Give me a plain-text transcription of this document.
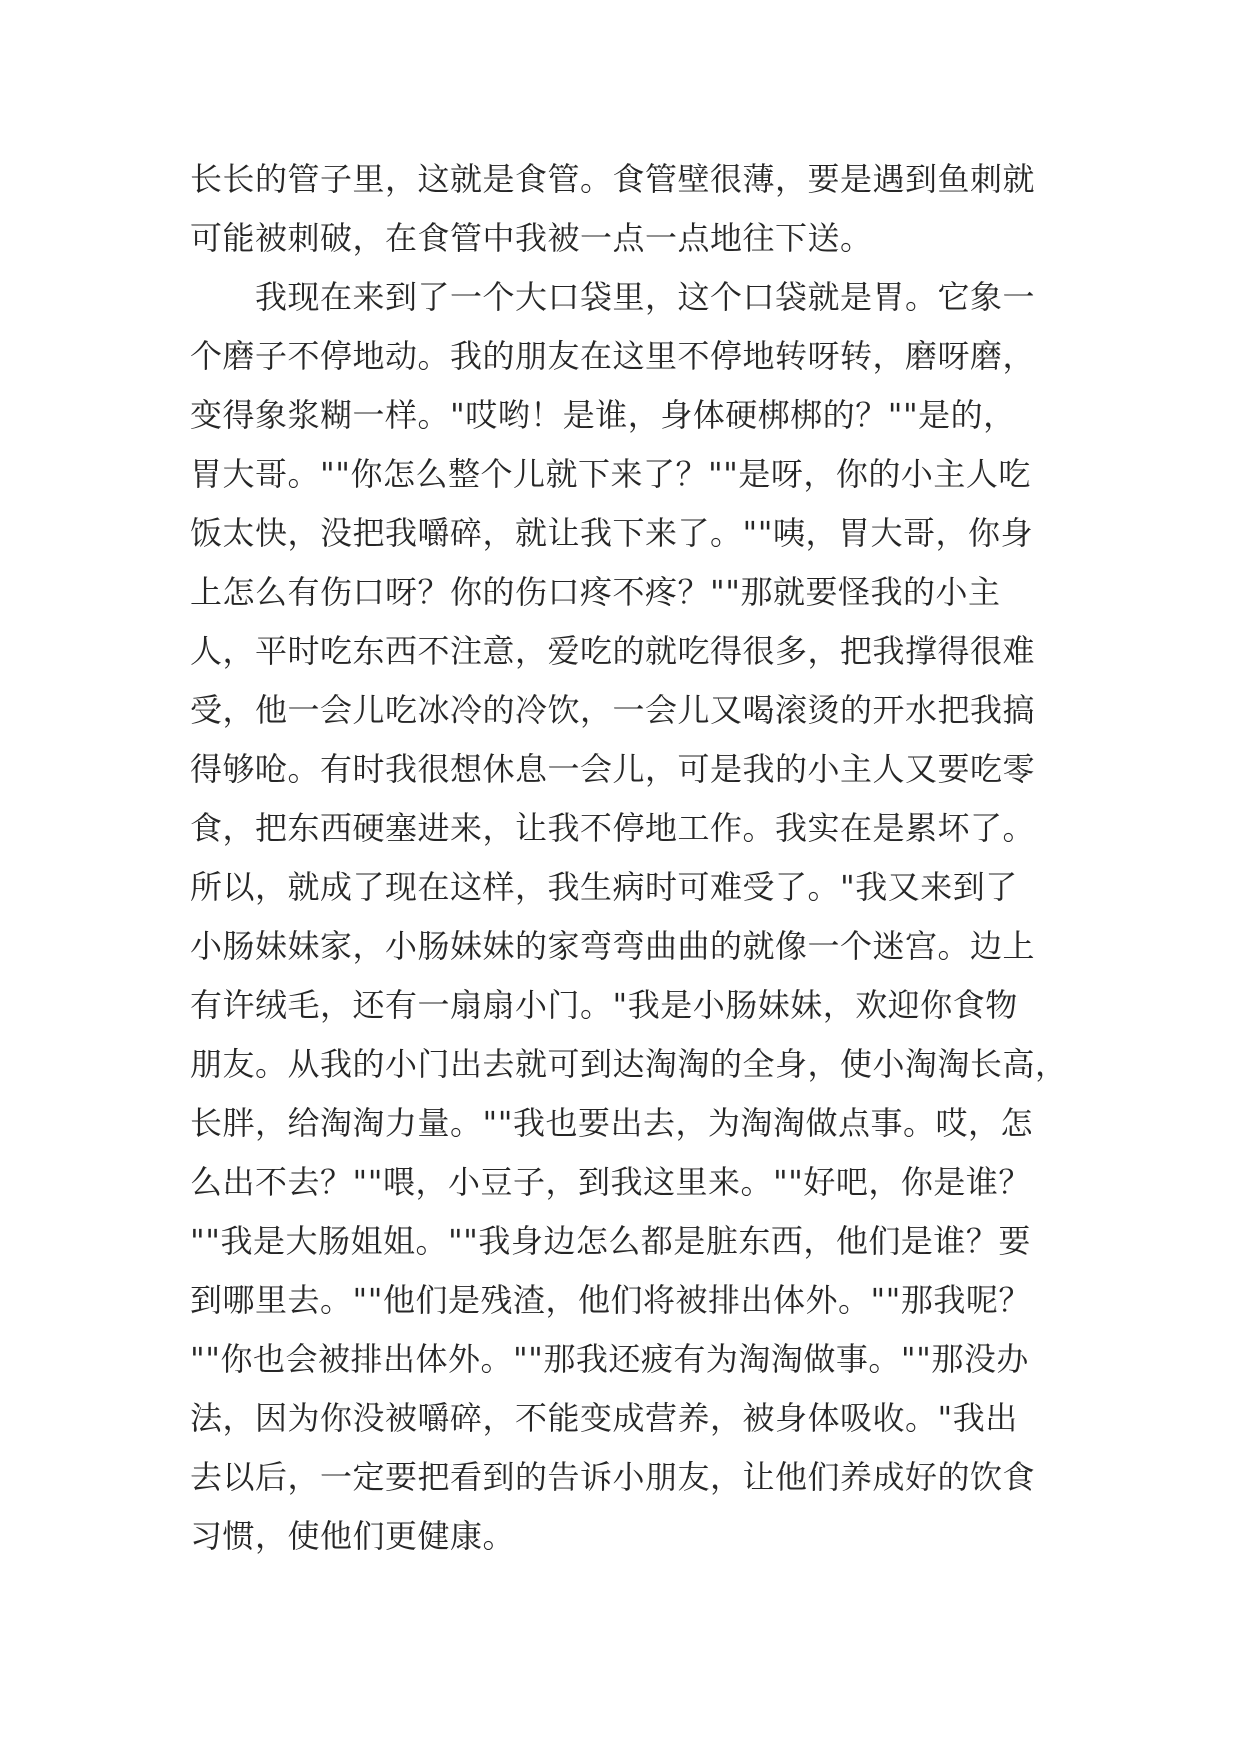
长长的管子里，这就是食管。食管壁很薄，要是遇到鱼刺就
可能被刺破，在食管中我被一点一点地往下送。
　　我现在来到了一个大口袋里，这个口袋就是胃。它象一
个磨子不停地动。我的朋友在这里不停地转呀转，磨呀磨，
变得象浆糊一样。"哎哟！是谁，身体硬梆梆的？""是的，
胃大哥。""你怎么整个儿就下来了？""是呀，你的小主人吃
饭太快，没把我嚼碎，就让我下来了。""咦，胃大哥，你身
上怎么有伤口呀？你的伤口疼不疼？""那就要怪我的小主
人，平时吃东西不注意，爱吃的就吃得很多，把我撑得很难
受，他一会儿吃冰冷的冷饮，一会儿又喝滚烫的开水把我搞
得够呛。有时我很想休息一会儿，可是我的小主人又要吃零
食，把东西硬塞进来，让我不停地工作。我实在是累坏了。
所以，就成了现在这样，我生病时可难受了。"我又来到了
小肠妹妹家，小肠妹妹的家弯弯曲曲的就像一个迷宫。边上
有许绒毛，还有一扇扇小门。"我是小肠妹妹，欢迎你食物
朋友。从我的小门出去就可到达淘淘的全身，使小淘淘长高，
长胖，给淘淘力量。""我也要出去，为淘淘做点事。哎，怎
么出不去？""喂，小豆子，到我这里来。""好吧，你是谁？
""我是大肠姐姐。""我身边怎么都是脏东西，他们是谁？要
到哪里去。""他们是残渣，他们将被排出体外。""那我呢？
""你也会被排出体外。""那我还疲有为淘淘做事。""那没办
法，因为你没被嚼碎，不能变成营养，被身体吸收。"我出
去以后，一定要把看到的告诉小朋友，让他们养成好的饮食
习惯，使他们更健康。
